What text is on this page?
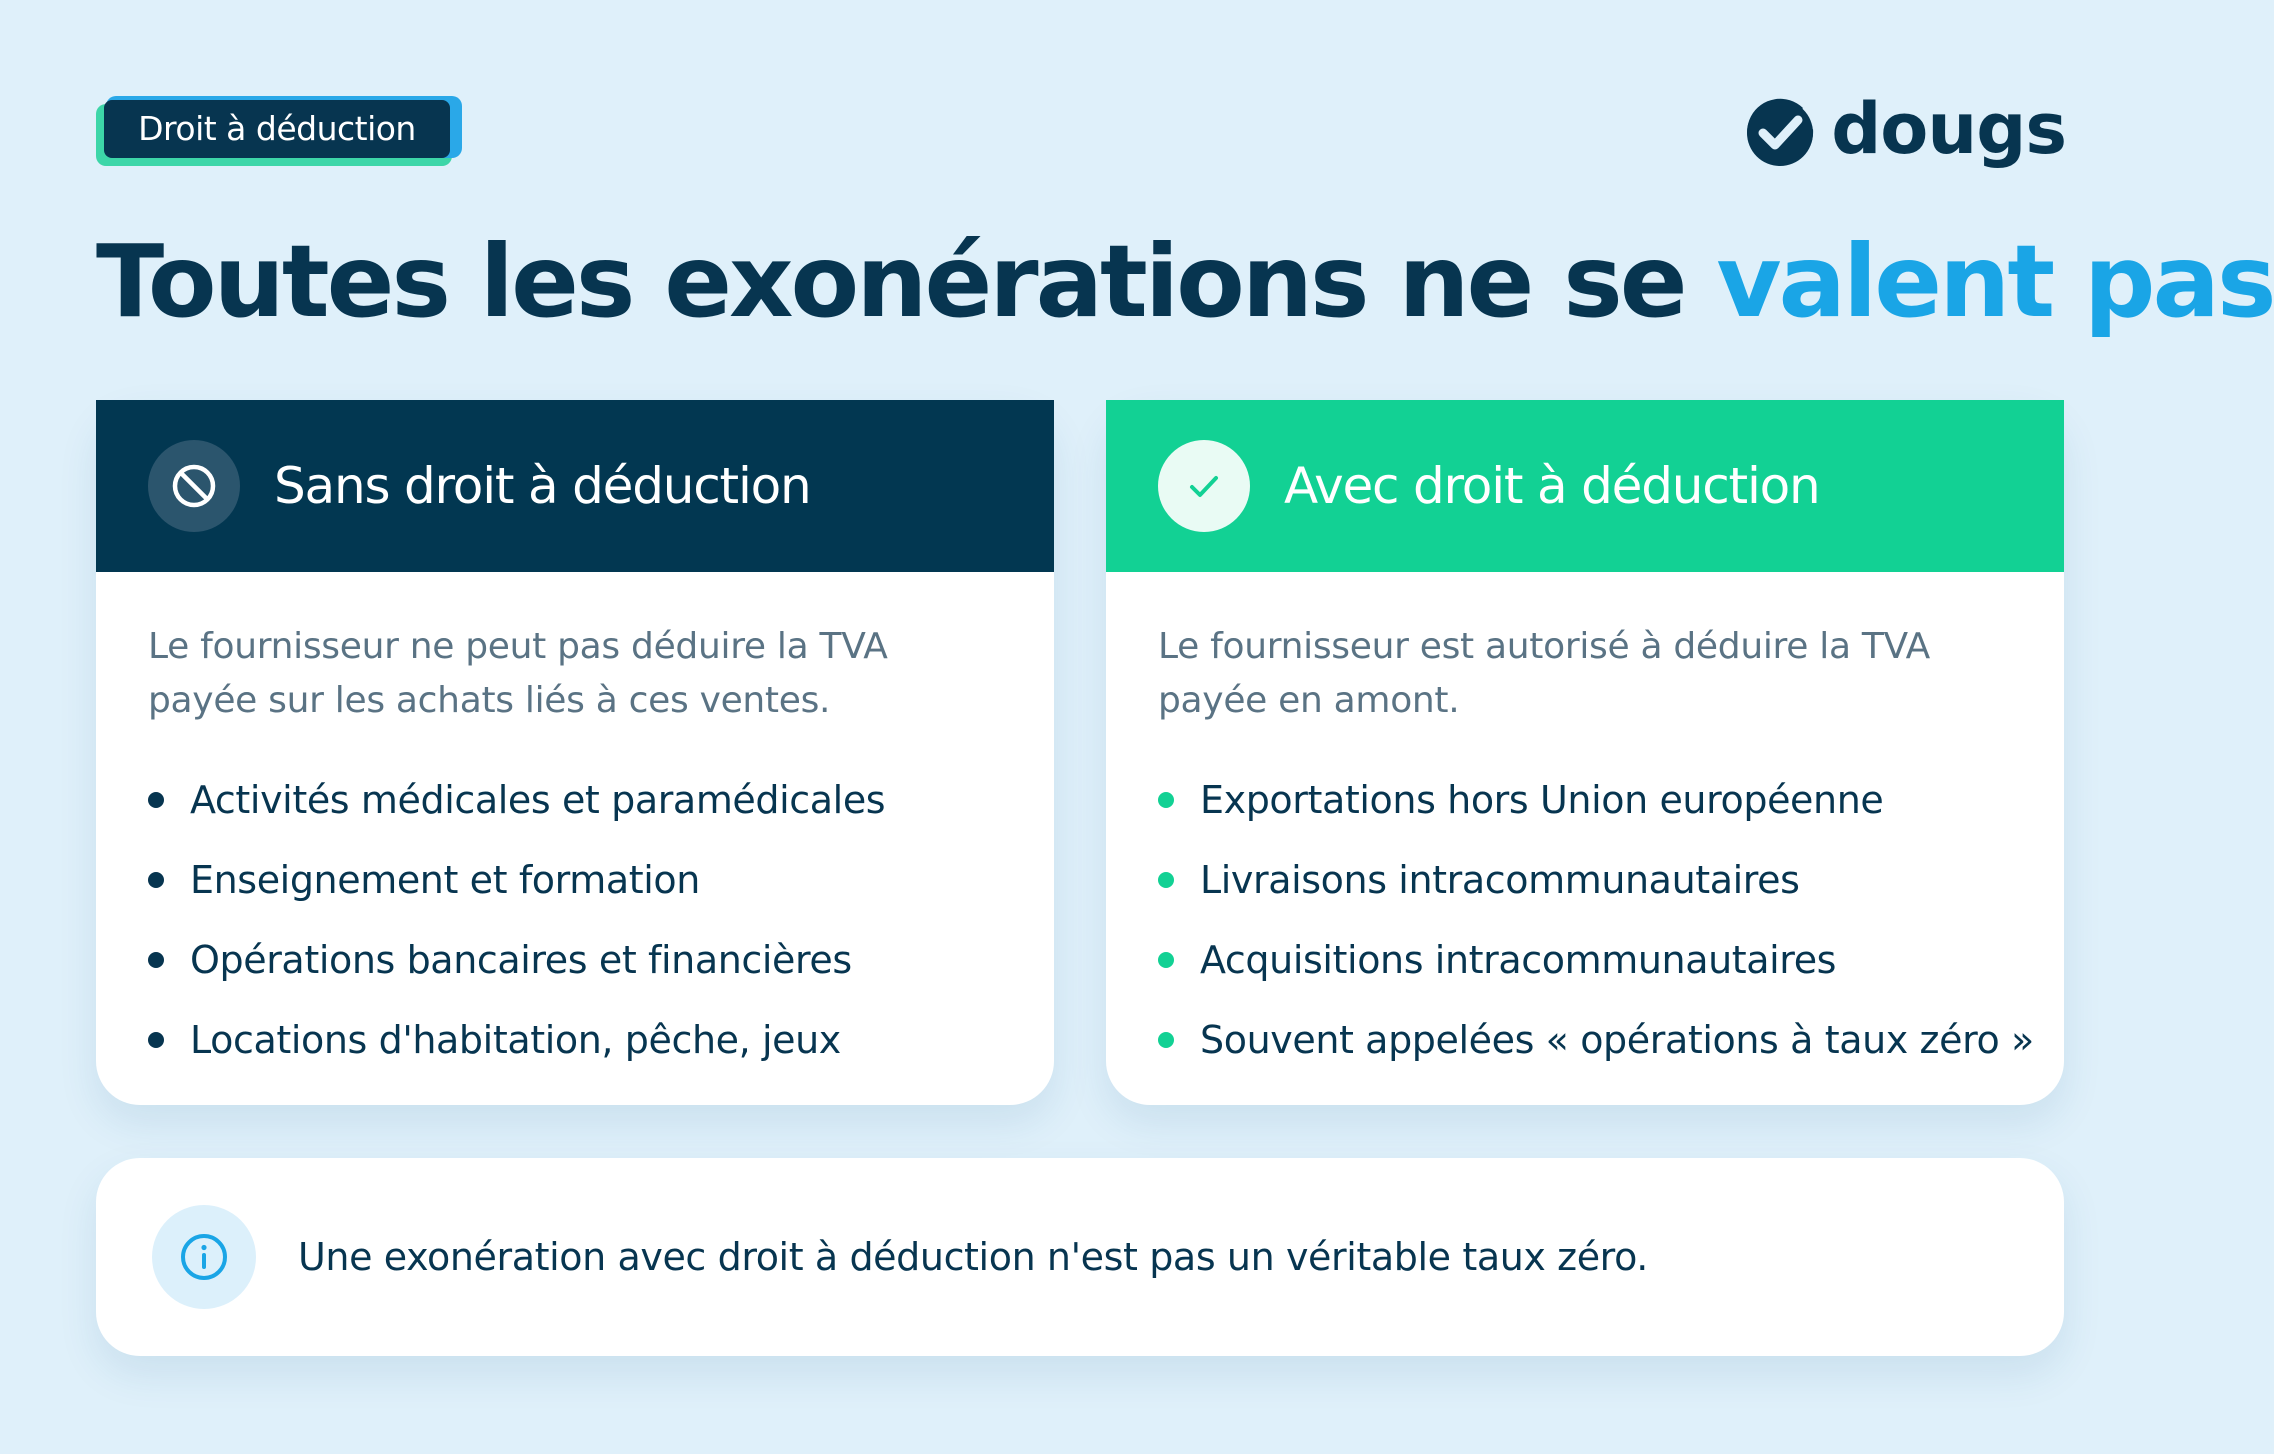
Droit à déduction	dougs
Toutes les exonérations ne se valent pas
Sans droit à déduction

Le fournisseur ne peut pas déduire la TVA payée sur les achats liés à ces ventes.

Activités médicales et paramédicales
Enseignement et formation
Opérations bancaires et financières
Locations d'habitation, pêche, jeux
Avec droit à déduction

Le fournisseur est autorisé à déduire la TVA payée en amont.

Exportations hors Union européenne
Livraisons intracommunautaires
Acquisitions intracommunautaires
Souvent appelées « opérations à taux zéro »
Une exonération avec droit à déduction n'est pas un véritable taux zéro.
